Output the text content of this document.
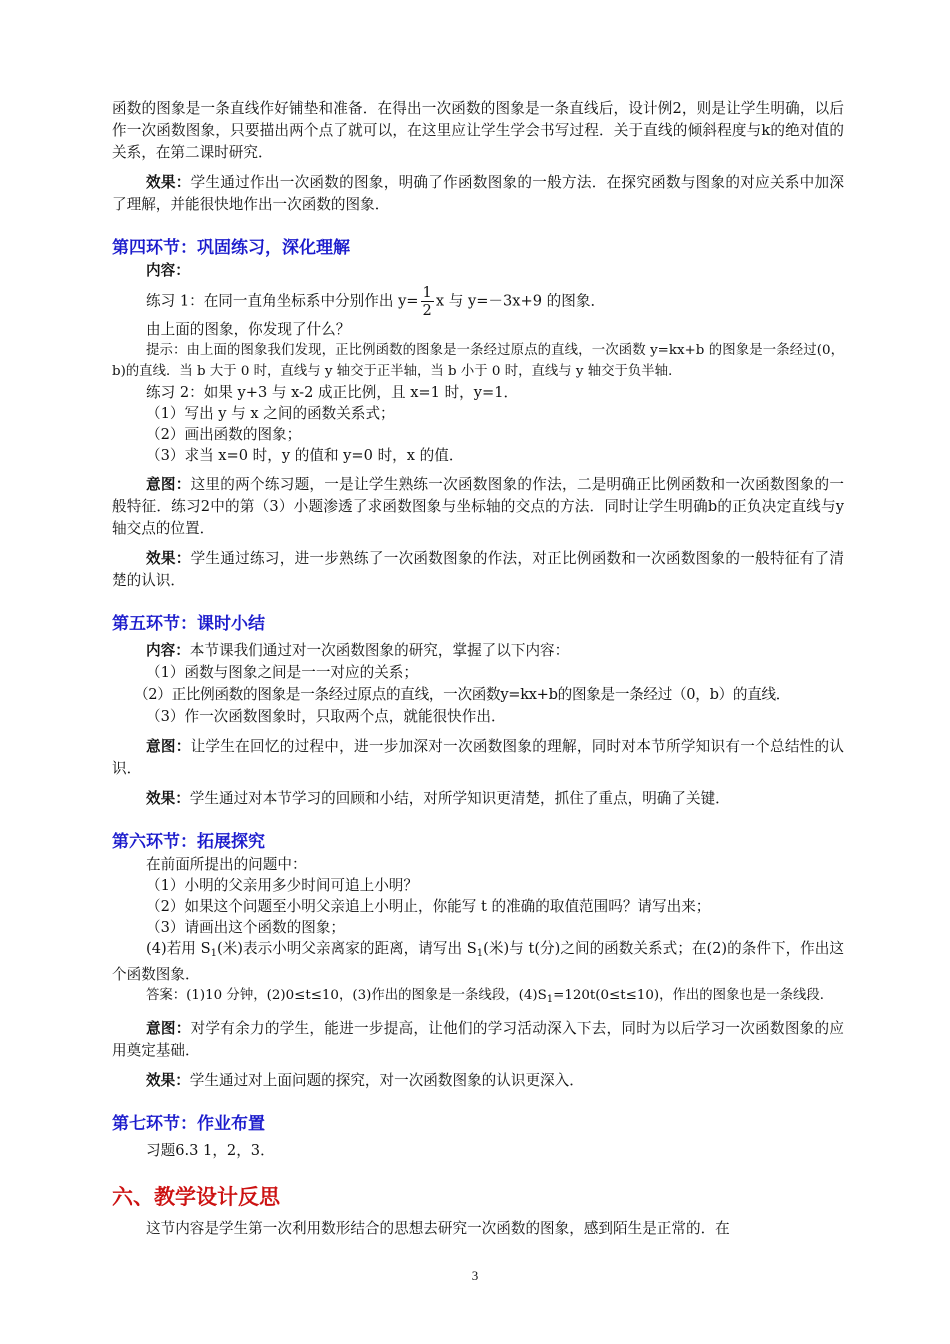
函数的图象是一条直线作好铺垫和准备．在得出一次函数的图象是一条直线后，设计例2，则是让学生明确，以后作一次函数图象，只要描出两个点了就可以，在这里应让学生学会书写过程．关于直线的倾斜程度与k的绝对值的关系，在第二课时研究．

效果：学生通过作出一次函数的图象，明确了作函数图象的一般方法．在探究函数与图象的对应关系中加深了理解，并能很快地作出一次函数的图象．

第四环节：巩固练习，深化理解

内容：

练习 1：在同一直角坐标系中分别作出 $y= \frac{1}{2}$ x 与 y=－3x+9 的图象．

由上面的图象，你发现了什么？

提示：由上面的图象我们发现，正比例函数的图象是一条经过原点的直线，一次函数 y=kx+b 的图象是一条经过(0，b)的直线．当 b 大于 0 时，直线与 y 轴交于正半轴，当 b 小于 0 时，直线与 y 轴交于负半轴．

练习 2：如果 y+3 与 x-2 成正比例，且 x=1 时，y=1．

（1）写出 y 与 x 之间的函数关系式；

（2）画出函数的图象；

（3）求当 x=0 时，y 的值和 y=0 时，x 的值．

意图：这里的两个练习题，一是让学生熟练一次函数图象的作法，二是明确正比例函数和一次函数图象的一般特征．练习2中的第（3）小题渗透了求函数图象与坐标轴的交点的方法．同时让学生明确b的正负决定直线与y轴交点的位置．

效果：学生通过练习，进一步熟练了一次函数图象的作法，对正比例函数和一次函数图象的一般特征有了清楚的认识．

第五环节：课时小结

内容：本节课我们通过对一次函数图象的研究，掌握了以下内容：

（1）函数与图象之间是一一对应的关系；

（2）正比例函数的图象是一条经过原点的直线，一次函数y=kx+b的图象是一条经过（0，b）的直线．

（3）作一次函数图象时，只取两个点，就能很快作出．

意图：让学生在回忆的过程中，进一步加深对一次函数图象的理解，同时对本节所学知识有一个总结性的认识．

效果：学生通过对本节学习的回顾和小结，对所学知识更清楚，抓住了重点，明确了关键．

第六环节：拓展探究

在前面所提出的问题中：

（1）小明的父亲用多少时间可追上小明？

（2）如果这个问题至小明父亲追上小明止，你能写 t 的准确的取值范围吗？请写出来；

（3）请画出这个函数的图象；

(4)若用 $S_1$(米)表示小明父亲离家的距离，请写出 $S_1$(米)与 t(分)之间的函数关系式；在(2)的条件下，作出这个函数图象．

答案：(1)10 分钟，(2)0≤t≤10，(3)作出的图象是一条线段，$(4)S_1=120t(0\le t\le 10)$，作出的图象也是一条线段．

意图：对学有余力的学生，能进一步提高，让他们的学习活动深入下去，同时为以后学习一次函数图象的应用奠定基础．

效果：学生通过对上面问题的探究，对一次函数图象的认识更深入．

第七环节：作业布置

习题6.3 1，2，3．

六、教学设计反思

这节内容是学生第一次利用数形结合的思想去研究一次函数的图象，感到陌生是正常的．在

3
